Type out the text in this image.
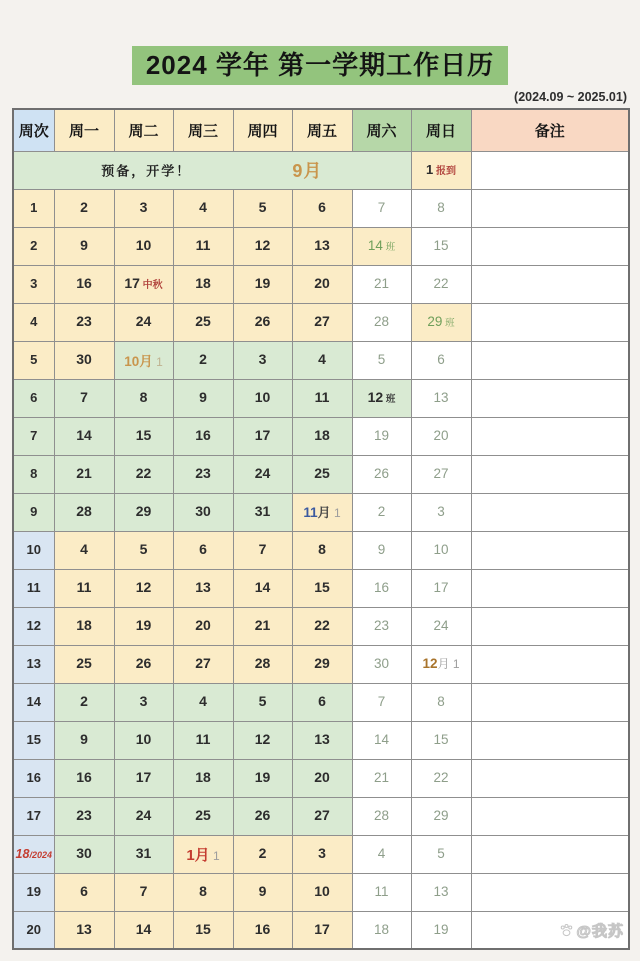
2024 学年 第一学期工作日历
(2024.09 ~ 2025.01)
周次	周一	周二	周三	周四	周五	周六	周日	备注

预备，开学！ 9月							1 报到	
1	2	3	4	5	6	7	8	
2	9	10	11	12	13	14 班	15	
3	16	17 中秋	18	19	20	21	22	
4	23	24	25	26	27	28	29 班	
5	30	10月 1	2	3	4	5	6	
6	7	8	9	10	11	12 班	13	
7	14	15	16	17	18	19	20	
8	21	22	23	24	25	26	27	
9	28	29	30	31	11月 1	2	3	
10	4	5	6	7	8	9	10	
11	11	12	13	14	15	16	17	
12	18	19	20	21	22	23	24	
13	25	26	27	28	29	30	12月 1	
14	2	3	4	5	6	7	8	
15	9	10	11	12	13	14	15	
16	16	17	18	19	20	21	22	
17	23	24	25	26	27	28	29	
18/2024	30	31	1月 1	2	3	4	5	
19	6	7	8	9	10	11	13	
20	13	14	15	16	17	18	19		@我苏
